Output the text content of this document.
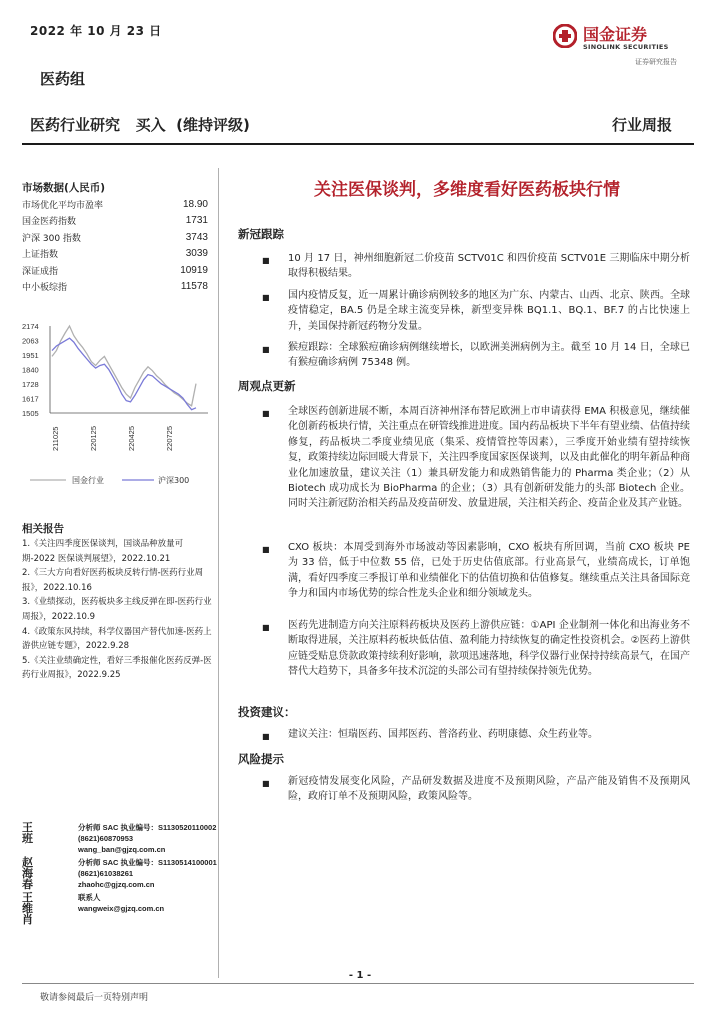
2022 年 10 月 23 日	国金证券
SINOLINK SECURITIES
证券研究报告
医药组
医药行业研究   买入  (维持评级)	行业周报
市场数据(人民币)
市场优化平均市盈率	18.90
国金医药指数	1731
沪深 300 指数	3743
上证指数	3039
深证成指	10919
中小板综指	11578
2174
2063
1951
1840
1728
1617
1505
211025	220125	220425	220725
国金行业	沪深300
相关报告
1.《关注四季度医保谈判，国谈品种放量可期-2022 医保谈判展望》，2022.10.21
2.《三大方向看好医药板块反转行情-医药行业周报》，2022.10.16
3.《业绩探动，医药板块多主线反弹在即-医药行业周报》，2022.10.9
4.《政策东风持续，科学仪器国产替代加速-医药上游供应链专题》，2022.9.28
5.《关注业绩确定性，看好三季报催化医药反弹-医药行业周报》，2022.9.25
王班
分析师 SAC 执业编号：S1130520110002
(8621)60870953
wang_ban@gjzq.com.cn
赵海春
分析师 SAC 执业编号：S1130514100001
(8621)61038261
zhaohc@gjzq.com.cn
王维肖
联系人
wangweix@gjzq.com.cn
关注医保谈判，多维度看好医药板块行情
新冠跟踪
■ 10 月 17 日，神州细胞新冠二价疫苗 SCTV01C 和四价疫苗 SCTV01E 三期临床中期分析取得积极结果。
■ 国内疫情反复，近一周累计确诊病例较多的地区为广东、内蒙古、山西、北京、陕西。全球疫情稳定，BA.5 仍是全球主流变异株，新型变异株 BQ1.1、BQ.1、BF.7 的占比快速上升，美国保持新冠药物分发量。
■ 猴痘跟踪：全球猴痘确诊病例继续增长，以欧洲美洲病例为主。截至 10 月 14 日，全球已有猴痘确诊病例 75348 例。
周观点更新
■ 全球医药创新进展不断，本周百济神州泽布替尼欧洲上市申请获得 EMA 积极意见，继续催化创新药板块行情，关注重点在研管线推进进度。国内药品板块下半年有望业绩、估值持续修复，药品板块二季度业绩见底（集采、疫情管控等因素），三季度开始业绩有望持续恢复，政策持续边际回暖大背景下，关注四季度国家医保谈判，以及由此催化的明年新品种商业化加速放量，建议关注（1）兼具研发能力和成熟销售能力的 Pharma 类企业；（2）从 Biotech 成功成长为 BioPharma 的企业；（3）具有创新研发能力的头部 Biotech 企业。同时关注新冠防治相关药品及疫苗研发、放量进展，关注相关药企、疫苗企业及其产业链。
■ CXO 板块：本周受到海外市场波动等因素影响，CXO 板块有所回调，当前 CXO 板块 PE 为 33 倍，低于中位数 55 倍，已处于历史估值底部。行业高景气，业绩高成长，订单饱满，看好四季度三季报订单和业绩催化下的估值切换和估值修复。继续重点关注具备国际竞争力和国内市场优势的综合性龙头企业和细分领域龙头。
■ 医药先进制造方向关注原料药板块及医药上游供应链：①API 企业制剂一体化和出海业务不断取得进展，关注原料药板块低估值、盈利能力持续恢复的确定性投资机会。②医药上游供应链受贴息贷款政策持续利好影响，款项迅速落地，科学仪器行业保持持续高景气，在国产替代大趋势下，具备多年技术沉淀的头部公司有望持续保持领先优势。
投资建议：
■ 建议关注：恒瑞医药、国邦医药、普洛药业、药明康德、众生药业等。
风险提示
■ 新冠疫情发展变化风险，产品研发数据及进度不及预期风险，产品产能及销售不及预期风险，政府订单不及预期风险，政策风险等。
- 1 -
敬请参阅最后一页特别声明
